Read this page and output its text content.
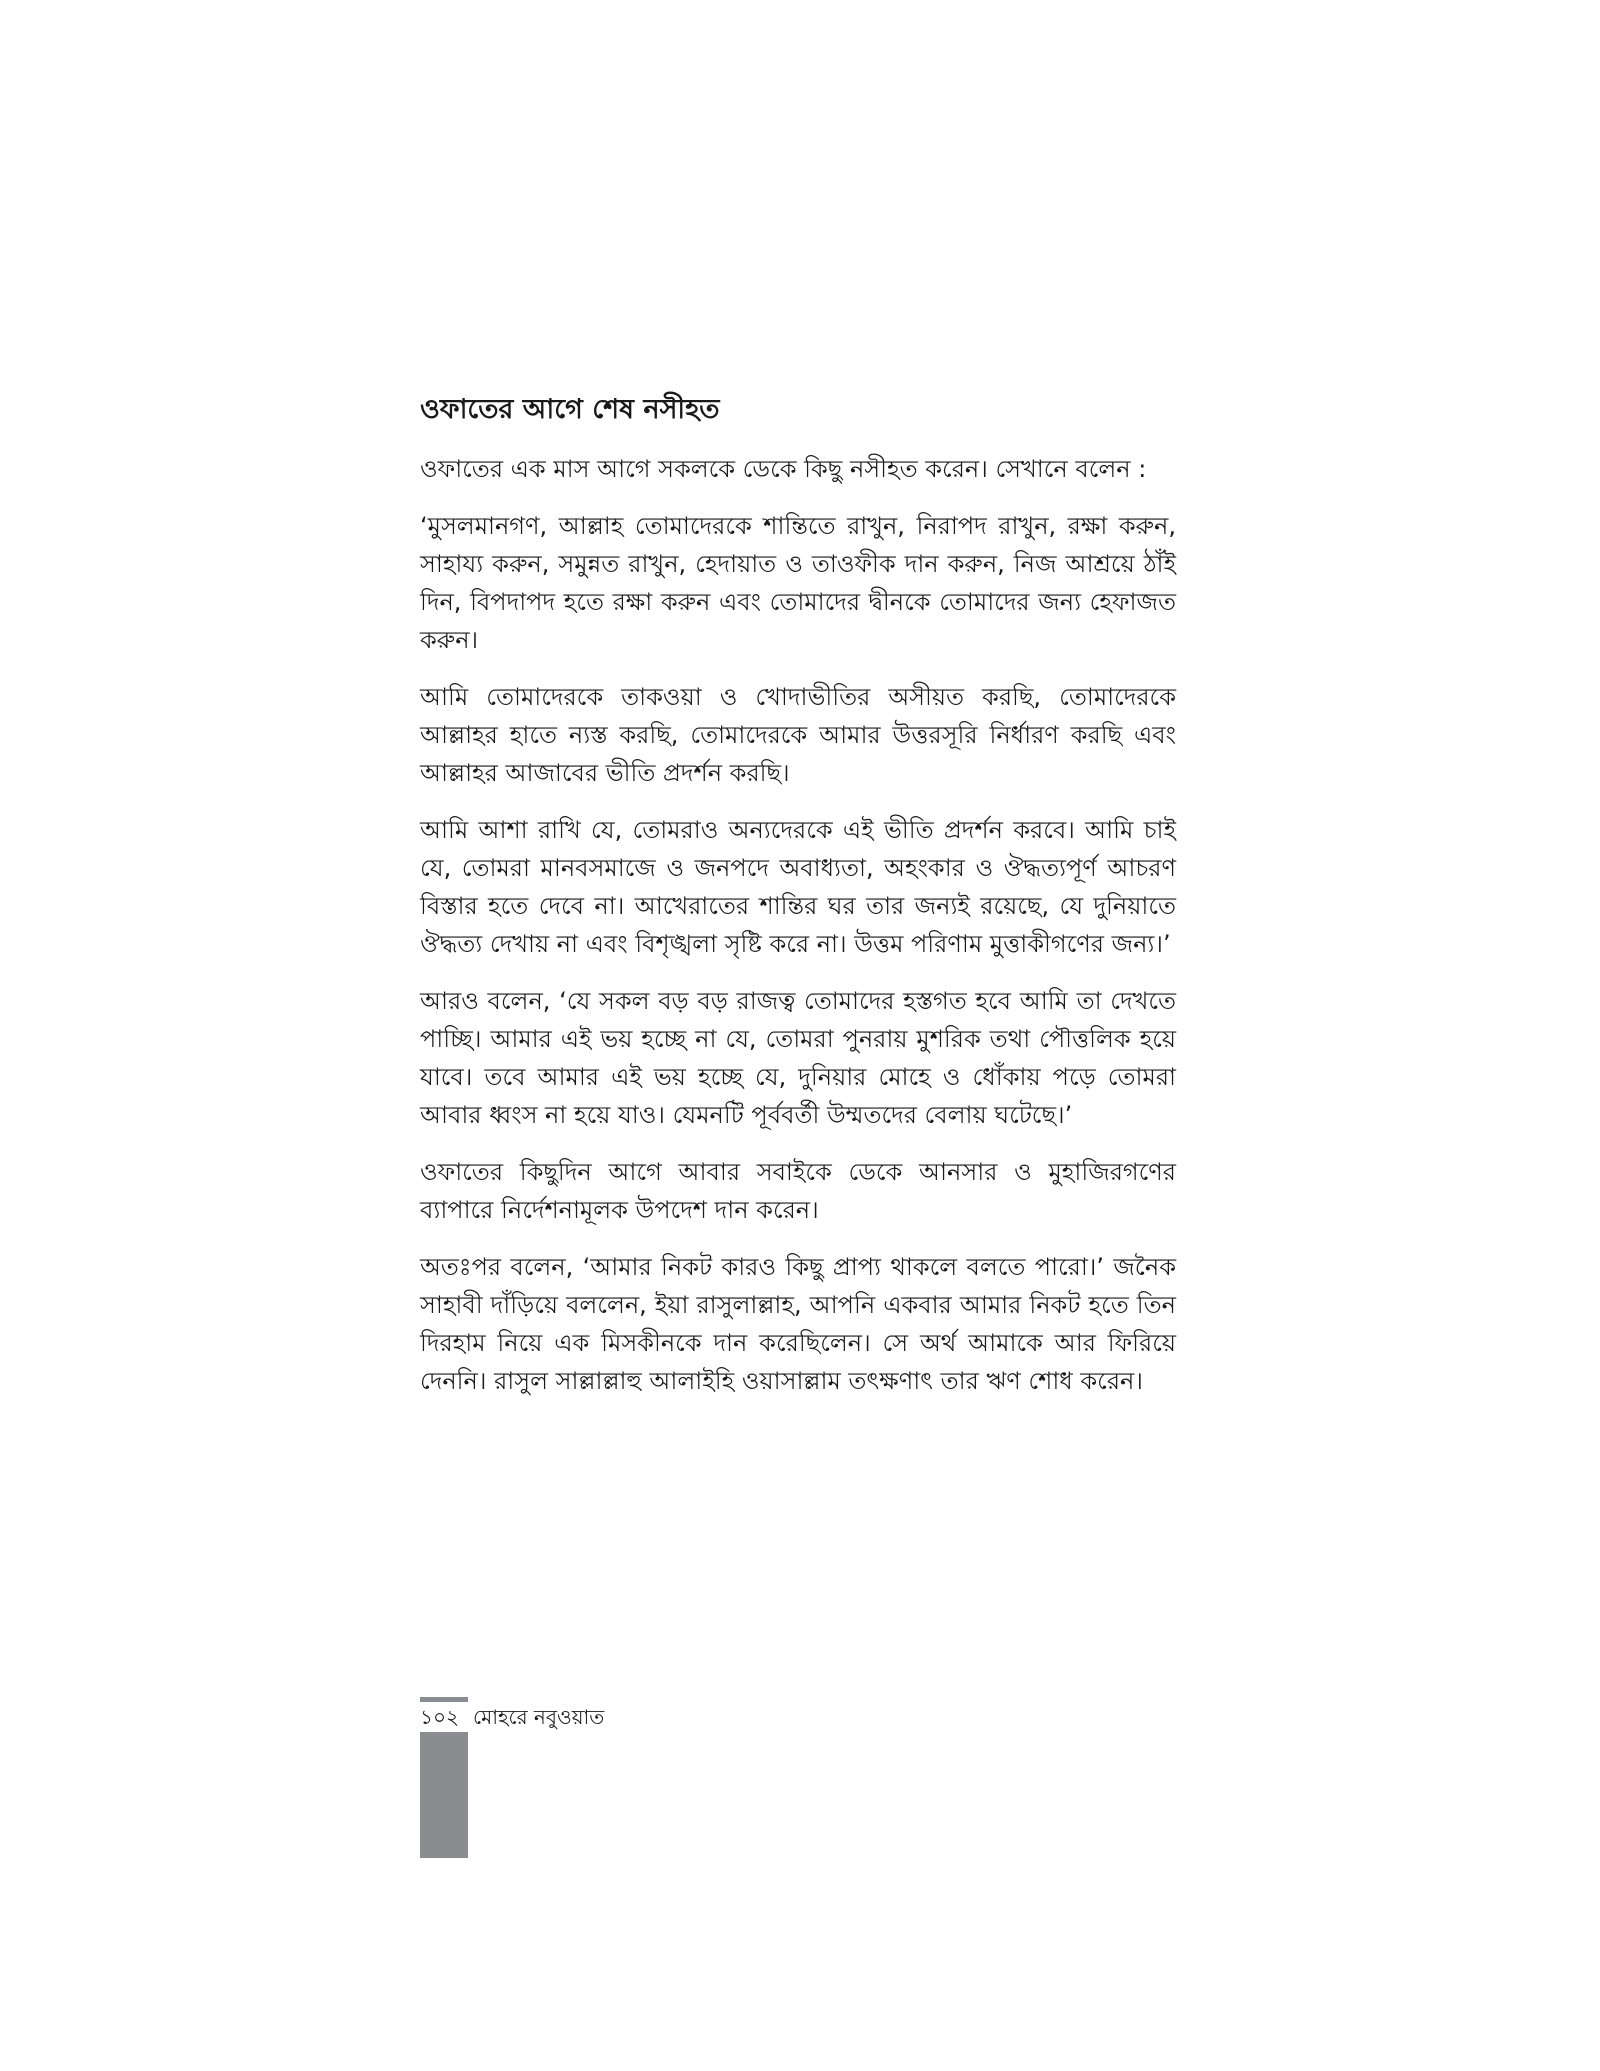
ওফাতের আগে শেষ নসীহত

ওফাতের এক মাস আগে সকলকে ডেকে কিছু নসীহত করেন। সেখানে বলেন :

‘মুসলমানগণ, আল্লাহ তোমাদেরকে শান্তিতে রাখুন, নিরাপদ রাখুন, রক্ষা করুন, সাহায্য করুন, সমুন্নত রাখুন, হেদায়াত ও তাওফীক দান করুন, নিজ আশ্রয়ে ঠাঁই দিন, বিপদাপদ হতে রক্ষা করুন এবং তোমাদের দ্বীনকে তোমাদের জন্য হেফাজত করুন।

আমি তোমাদেরকে তাকওয়া ও খোদাভীতির অসীয়ত করছি, তোমাদেরকে আল্লাহর হাতে ন্যস্ত করছি, তোমাদেরকে আমার উত্তরসূরি নির্ধারণ করছি এবং আল্লাহর আজাবের ভীতি প্রদর্শন করছি।

আমি আশা রাখি যে, তোমরাও অন্যদেরকে এই ভীতি প্রদর্শন করবে। আমি চাই যে, তোমরা মানবসমাজে ও জনপদে অবাধ্যতা, অহংকার ও ঔদ্ধত্যপূর্ণ আচরণ বিস্তার হতে দেবে না। আখেরাতের শান্তির ঘর তার জন্যই রয়েছে, যে দুনিয়াতে ঔদ্ধত্য দেখায় না এবং বিশৃঙ্খলা সৃষ্টি করে না। উত্তম পরিণাম মুত্তাকীগণের জন্য।’

আরও বলেন, ‘যে সকল বড় বড় রাজত্ব তোমাদের হস্তগত হবে আমি তা দেখতে পাচ্ছি। আমার এই ভয় হচ্ছে না যে, তোমরা পুনরায় মুশরিক তথা পৌত্তলিক হয়ে যাবে। তবে আমার এই ভয় হচ্ছে যে, দুনিয়ার মোহে ও ধোঁকায় পড়ে তোমরা আবার ধ্বংস না হয়ে যাও। যেমনটি পূর্ববর্তী উম্মতদের বেলায় ঘটেছে।’

ওফাতের কিছুদিন আগে আবার সবাইকে ডেকে আনসার ও মুহাজিরগণের ব্যাপারে নির্দেশনামূলক উপদেশ দান করেন।

অতঃপর বলেন, ‘আমার নিকট কারও কিছু প্রাপ্য থাকলে বলতে পারো।’ জনৈক সাহাবী দাঁড়িয়ে বললেন, ইয়া রাসুলাল্লাহ, আপনি একবার আমার নিকট হতে তিন দিরহাম নিয়ে এক মিসকীনকে দান করেছিলেন। সে অর্থ আমাকে আর ফিরিয়ে দেননি। রাসুল সাল্লাল্লাহু আলাইহি ওয়াসাল্লাম তৎক্ষণাৎ তার ঋণ শোধ করেন।

১০২ মোহরে নবুওয়াত
